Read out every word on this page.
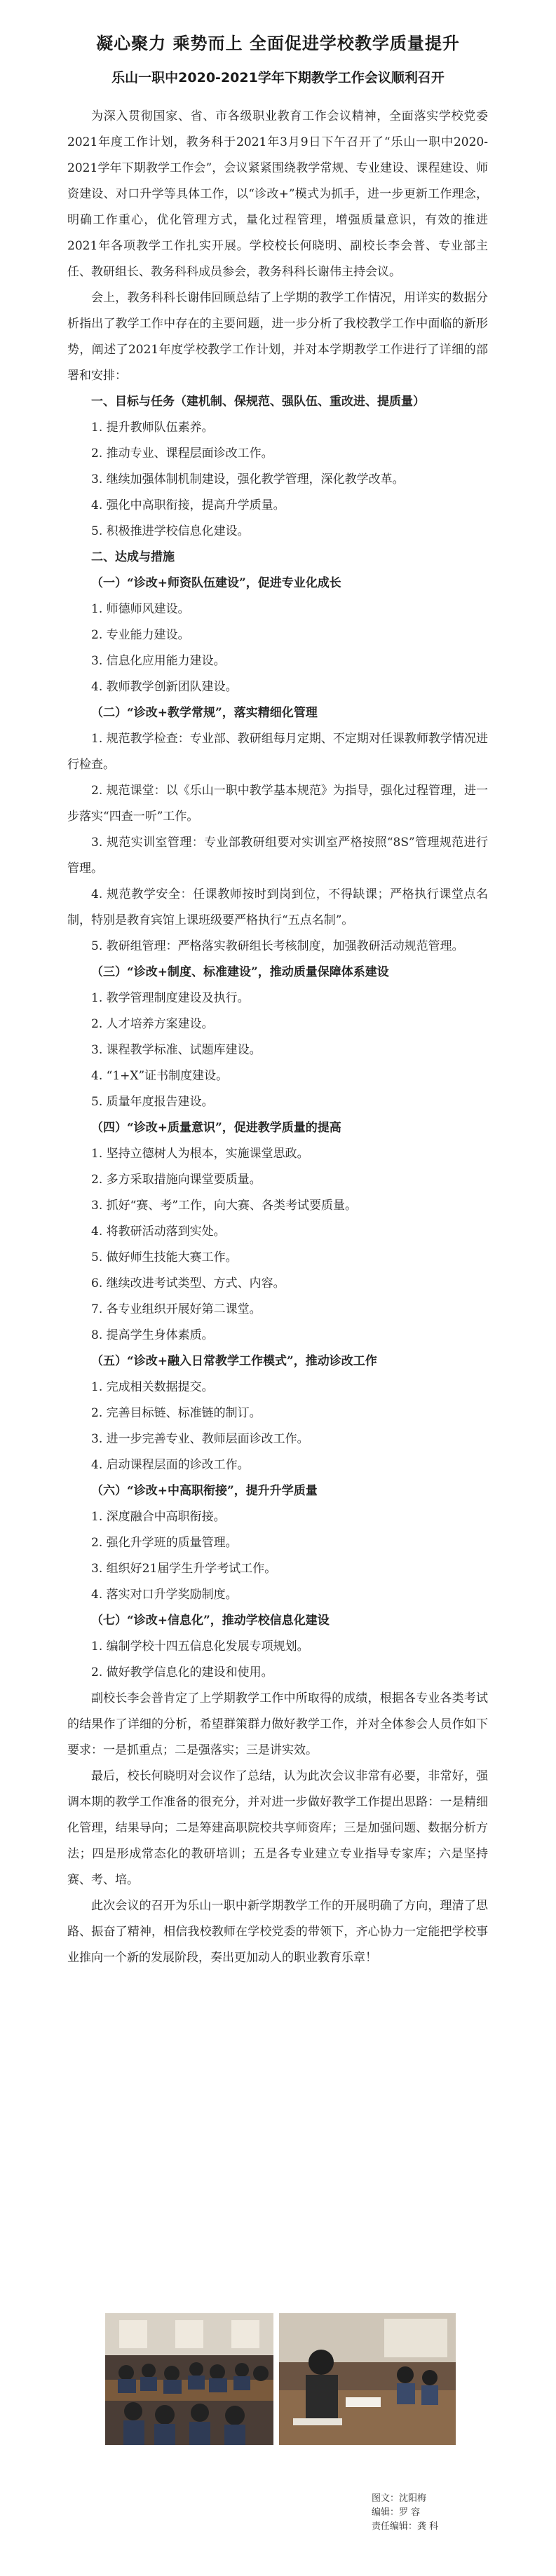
凝心聚力 乘势而上 全面促进学校教学质量提升
乐山一职中2020-2021学年下期教学工作会议顺利召开

为深入贯彻国家、省、市各级职业教育工作会议精神，全面落实学校党委2021年度工作计划，教务科于2021年3月9日下午召开了“乐山一职中2020-2021学年下期教学工作会”，会议紧紧围绕教学常规、专业建设、课程建设、师资建设、对口升学等具体工作，以“诊改+”模式为抓手，进一步更新工作理念，明确工作重心，优化管理方式，量化过程管理，增强质量意识，有效的推进2021年各项教学工作扎实开展。学校校长何晓明、副校长李会普、专业部主任、教研组长、教务科科成员参会，教务科科长谢伟主持会议。

会上，教务科科长谢伟回顾总结了上学期的教学工作情况，用详实的数据分析指出了教学工作中存在的主要问题，进一步分析了我校教学工作中面临的新形势，阐述了2021年度学校教学工作计划，并对本学期教学工作进行了详细的部署和安排：

一、目标与任务（建机制、保规范、强队伍、重改进、提质量）

1. 提升教师队伍素养。

2. 推动专业、课程层面诊改工作。

3. 继续加强体制机制建设，强化教学管理，深化教学改革。

4. 强化中高职衔接，提高升学质量。

5. 积极推进学校信息化建设。

二、达成与措施

（一）“诊改+师资队伍建设”，促进专业化成长

1. 师德师风建设。

2. 专业能力建设。

3. 信息化应用能力建设。

4. 教师教学创新团队建设。

（二）“诊改+教学常规”，落实精细化管理

1. 规范教学检查：专业部、教研组每月定期、不定期对任课教师教学情况进行检查。

2. 规范课堂：以《乐山一职中教学基本规范》为指导，强化过程管理，进一步落实“四查一听”工作。

3. 规范实训室管理：专业部教研组要对实训室严格按照“8S”管理规范进行管理。

4. 规范教学安全：任课教师按时到岗到位，不得缺课；严格执行课堂点名制，特别是教育宾馆上课班级要严格执行“五点名制”。

5. 教研组管理：严格落实教研组长考核制度，加强教研活动规范管理。

（三）“诊改+制度、标准建设”，推动质量保障体系建设

1. 教学管理制度建设及执行。

2. 人才培养方案建设。

3. 课程教学标准、试题库建设。

4. “1+X”证书制度建设。

5. 质量年度报告建设。

（四）“诊改+质量意识”，促进教学质量的提高

1. 坚持立德树人为根本，实施课堂思政。

2. 多方采取措施向课堂要质量。

3. 抓好“赛、考”工作，向大赛、各类考试要质量。

4. 将教研活动落到实处。

5. 做好师生技能大赛工作。

6. 继续改进考试类型、方式、内容。

7. 各专业组织开展好第二课堂。

8. 提高学生身体素质。

（五）“诊改+融入日常教学工作模式”，推动诊改工作

1. 完成相关数据提交。

2. 完善目标链、标准链的制订。

3. 进一步完善专业、教师层面诊改工作。

4. 启动课程层面的诊改工作。

（六）“诊改+中高职衔接”，提升升学质量

1. 深度融合中高职衔接。

2. 强化升学班的质量管理。

3. 组织好21届学生升学考试工作。

4. 落实对口升学奖励制度。

（七）“诊改+信息化”，推动学校信息化建设

1. 编制学校十四五信息化发展专项规划。

2. 做好教学信息化的建设和使用。

副校长李会普肯定了上学期教学工作中所取得的成绩，根据各专业各类考试的结果作了详细的分析，希望群策群力做好教学工作，并对全体参会人员作如下要求：一是抓重点；二是强落实；三是讲实效。

最后，校长何晓明对会议作了总结，认为此次会议非常有必要，非常好，强调本期的教学工作准备的很充分，并对进一步做好教学工作提出思路：一是精细化管理，结果导向；二是筹建高职院校共享师资库；三是加强问题、数据分析方法；四是形成常态化的教研培训；五是各专业建立专业指导专家库；六是坚持赛、考、培。

此次会议的召开为乐山一职中新学期教学工作的开展明确了方向，理清了思路、振奋了精神，相信我校教师在学校党委的带领下，齐心协力一定能把学校事业推向一个新的发展阶段，奏出更加动人的职业教育乐章！

图文：沈阳梅
编辑：罗 容
责任编辑：龚 科
